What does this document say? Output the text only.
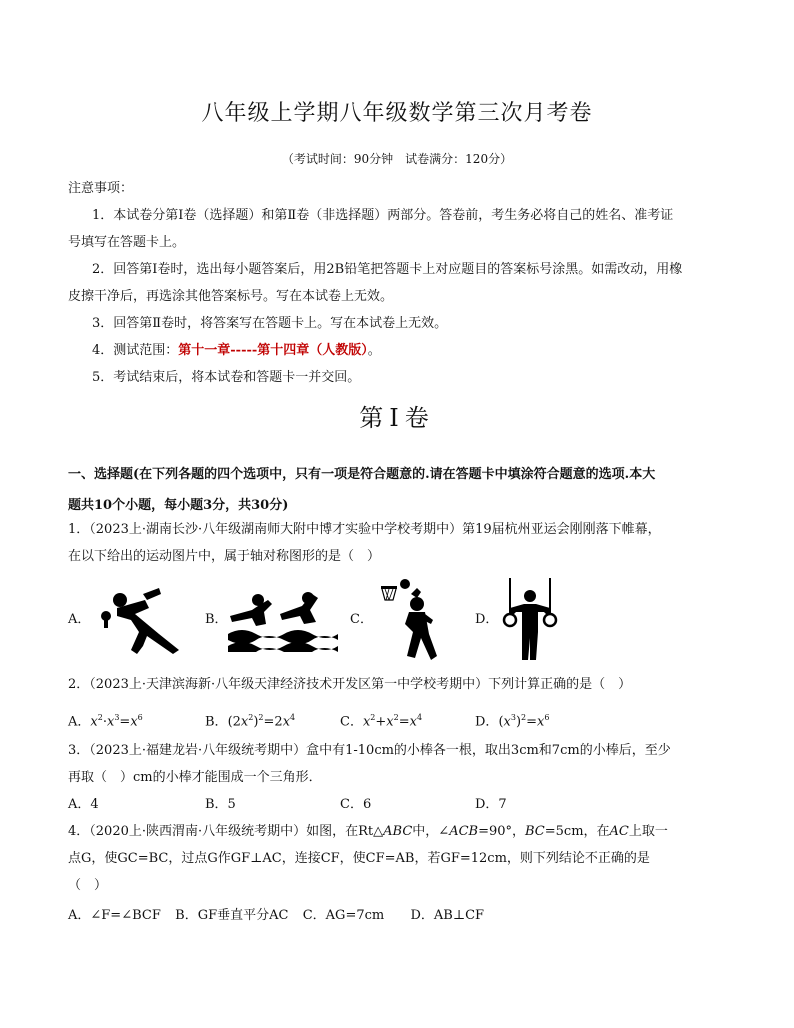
八年级上学期八年级数学第三次月考卷
（考试时间：90分钟　试卷满分：120分）
注意事项：
1．本试卷分第Ⅰ卷（选择题）和第Ⅱ卷（非选择题）两部分。答卷前，考生务必将自己的姓名、准考证
号填写在答题卡上。
2．回答第Ⅰ卷时，选出每小题答案后，用2B铅笔把答题卡上对应题目的答案标号涂黑。如需改动，用橡
皮擦干净后，再选涂其他答案标号。写在本试卷上无效。
3．回答第Ⅱ卷时，将答案写在答题卡上。写在本试卷上无效。
4．测试范围：第十一章-----第十四章（人教版）。
5．考试结束后，将本试卷和答题卡一并交回。
第Ⅰ卷
一、选择题(在下列各题的四个选项中，只有一项是符合题意的.请在答题卡中填涂符合题意的选项.本大
题共10个小题，每小题3分，共30分)
1．（2023上·湖南长沙·八年级湖南师大附中博才实验中学校考期中）第19届杭州亚运会刚刚落下帷幕，
在以下给出的运动图片中，属于轴对称图形的是（　）
A．	B．	C．	D．
2．（2023上·天津滨海新·八年级天津经济技术开发区第一中学校考期中）下列计算正确的是（　）
A．$x^2\cdot x^3=x^6$	B．$(2x^2)^2=2x^4$	C．$x^2+x^2=x^4$	D．$(x^3)^2=x^6$
3．（2023上·福建龙岩·八年级统考期中）盒中有1-10cm的小棒各一根，取出3cm和7cm的小棒后，至少
再取（　）cm的小棒才能围成一个三角形．
A．4	B．5	C．6	D．7
4．（2020上·陕西渭南·八年级统考期中）如图，在Rt△ABC中，∠ACB=90°，BC=5cm，在AC上取一
点G，使GC=BC，过点G作GF⊥AC，连接CF，使CF=AB，若GF=12cm，则下列结论不正确的是
（　）
A．∠F=∠BCF B．GF垂直平分AC C．AG=7cm D．AB⊥CF
